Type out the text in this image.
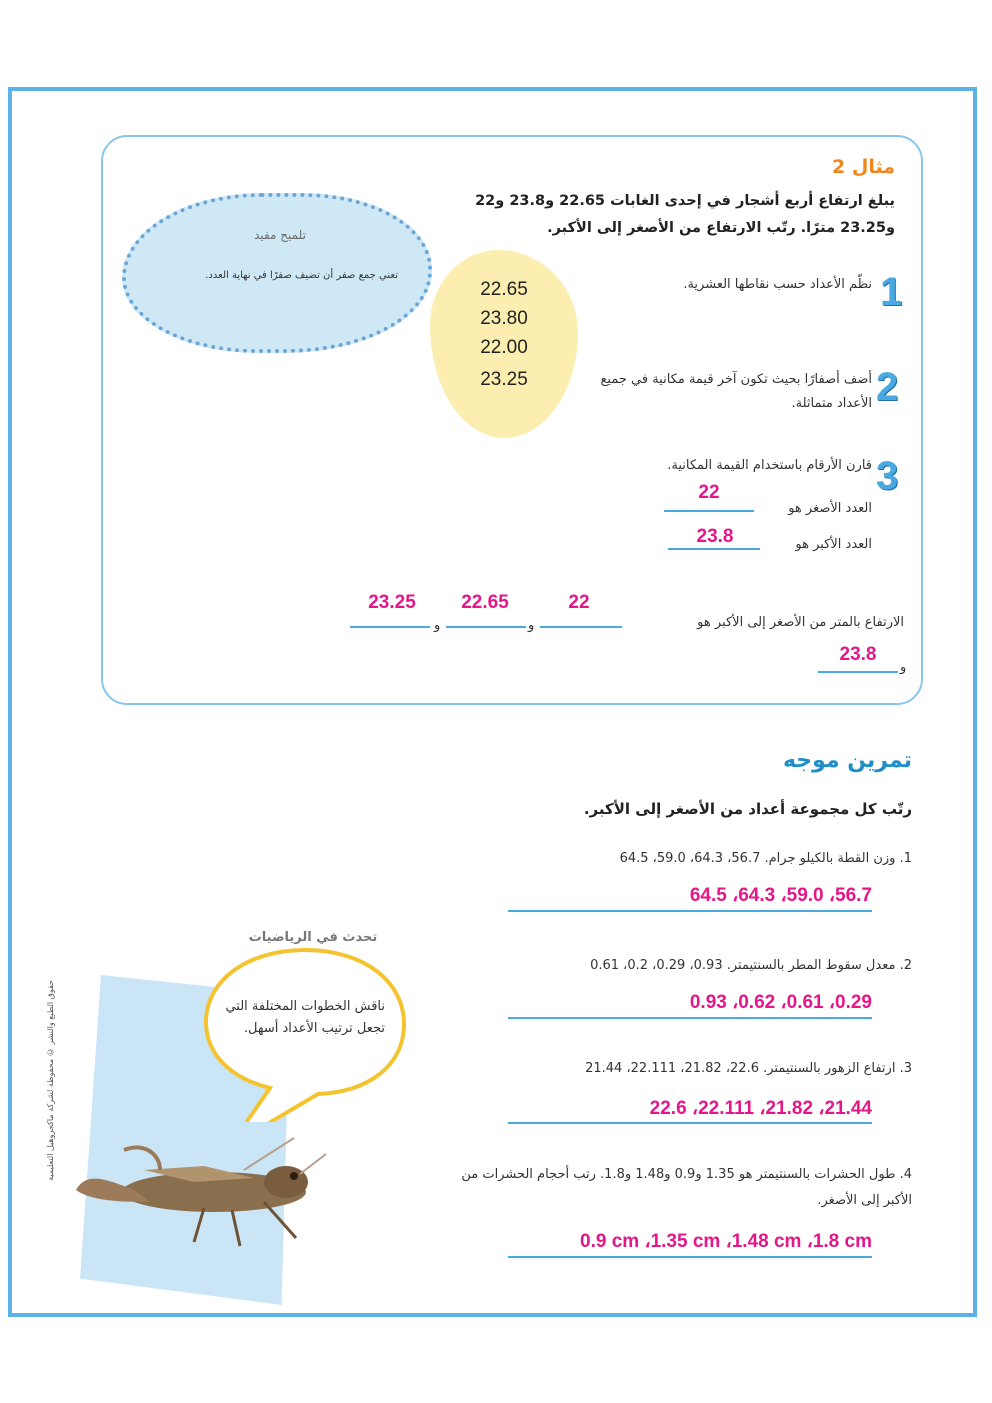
مثال 2
يبلغ ارتفاع أربع أشجار في إحدى الغابات 22.65 و23.8 و22 و23.25 مترًا. رتّب الارتفاع من الأصغر إلى الأكبر.
تلميح مفيد
تعني جمع صفر أن تضيف صفرًا في نهاية العدد.
22.65
23.80
22.00
23.25
1
نظّم الأعداد حسب نقاطها العشرية.
2
أضف أصفارًا بحيث تكون آخر قيمة مكانية في جميع الأعداد متماثلة.
3
قارن الأرقام باستخدام القيمة المكانية.
العدد الأصغر هو
22
العدد الأكبر هو
23.8
الارتفاع بالمتر من الأصغر إلى الأكبر هو
22
و
22.65
و
23.25
و
23.8
تمرين موجه
رتّب كل مجموعة أعداد من الأصغر إلى الأكبر.
1. وزن القطة بالكيلو جرام. 56.7، 64.3، 59.0، 64.5
64.5 ،64.3 ،59.0 ،56.7
2. معدل سقوط المطر بالسنتيمتر. 0.93، 0.29، 0.2، 0.61
0.93 ،0.62 ،0.61 ،0.29
3. ارتفاع الزهور بالسنتيمتر. 22.6، 21.82، 22.111، 21.44
22.6 ،22.111 ،21.82 ،21.44
4. طول الحشرات بالسنتيمتر هو 1.35 و0.9 و1.48 و1.8. رتب أحجام الحشرات من الأكبر إلى الأصغر.
0.9 cm ،1.35 cm ،1.48 cm ،1.8 cm
تحدث في الرياضيات
ناقش الخطوات المختلفة التي تجعل ترتيب الأعداد أسهل.
حقوق الطبع والنشر © محفوظة لشركة ماكجروهيل التعليمية
